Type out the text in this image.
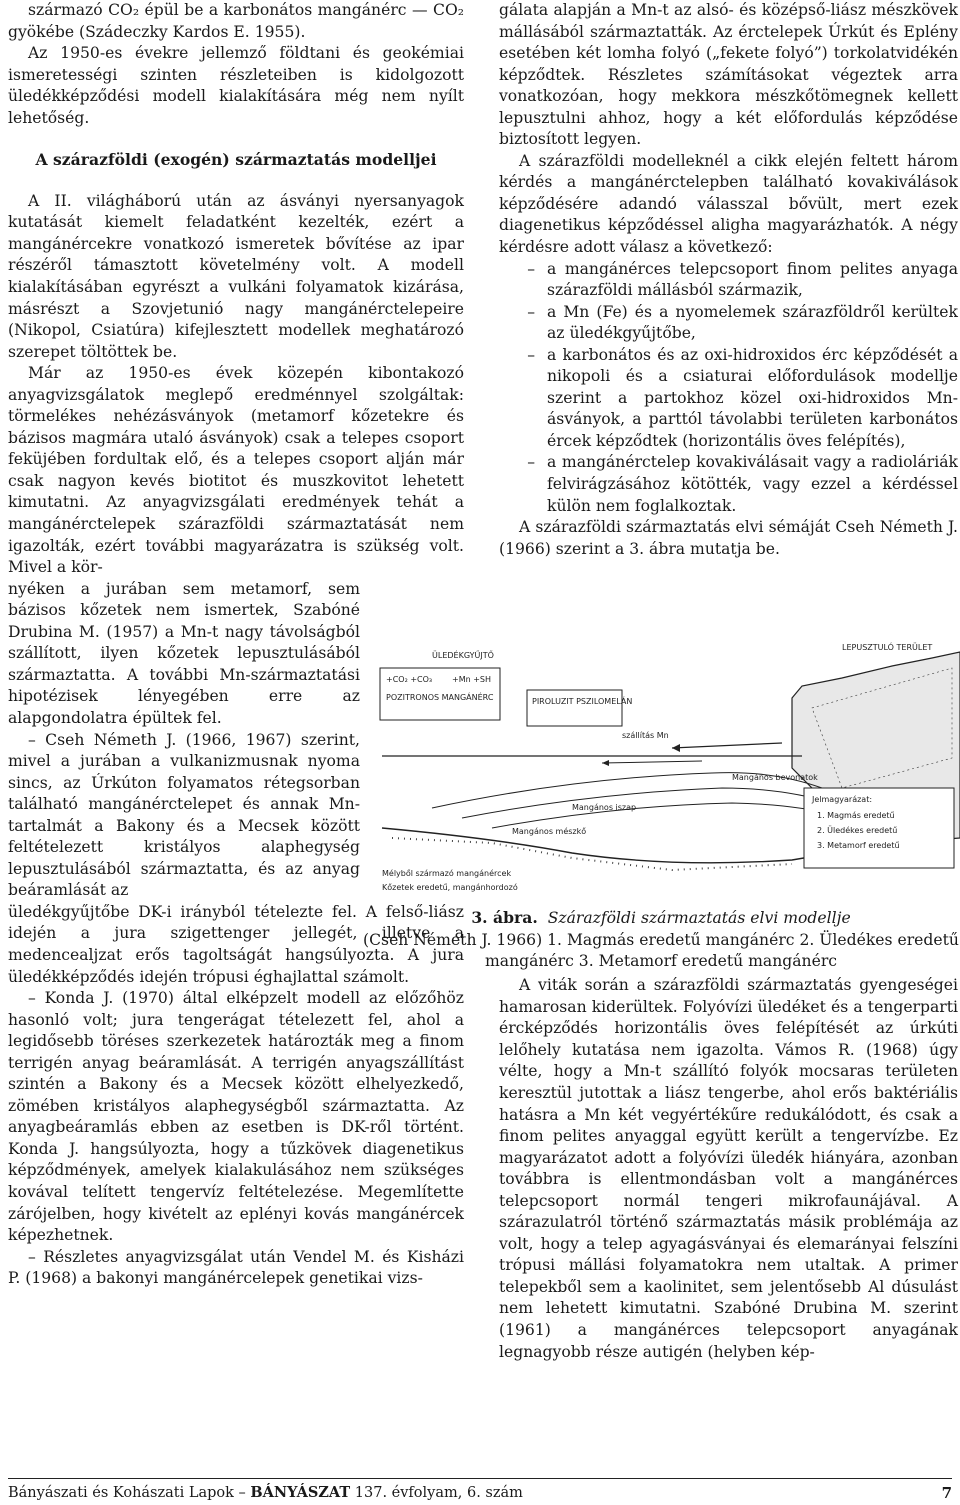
származó CO₂ épül be a karbonátos mangánérc — CO₂ gyökébe (Szádeczky Kardos E. 1955).

Az 1950-es évekre jellemző földtani és geokémiai ismeretességi szinten részleteiben is kidolgozott üledékképződési modell kialakítására még nem nyílt lehetőség.

A szárazföldi (exogén) származtatás modelljei

A II. világháború után az ásványi nyersanyagok kutatását kiemelt feladatként kezelték, ezért a mangánércekre vonatkozó ismeretek bővítése az ipar részéről támasztott követelmény volt. A modell kialakításában egyrészt a vulkáni folyamatok kizárása, másrészt a Szovjetunió nagy mangánérctelepeire (Nikopol, Csiatúra) kifejlesztett modellek meghatározó szerepet töltöttek be.

Már az 1950-es évek közepén kibontakozó anyagvizsgálatok meglepő eredménnyel szolgáltak: törmelékes nehézásványok (metamorf kőzetekre és bázisos magmára utaló ásványok) csak a telepes csoport feküjében fordultak elő, és a telepes csoport alján már csak nagyon kevés biotitot és muszkovitot lehetett kimutatni. Az anyagvizsgálati eredmények tehát a mangánérctelepek szárazföldi származtatását nem igazolták, ezért további magyarázatra is szükség volt. Mivel a kör-

nyéken a jurában sem metamorf, sem bázisos kőzetek nem ismertek, Szabóné Drubina M. (1957) a Mn-t nagy távolságból szállított, ilyen kőzetek lepusztulásából származtatta. A további Mn-származtatási hipotézisek lényegében erre az alapgondolatra épültek fel.

– Cseh Németh J. (1966, 1967) szerint, mivel a jurában a vulkanizmusnak nyoma sincs, az Úrkúton folyamatos rétegsorban található mangánérctelepet és annak Mn-tartalmát a Bakony és a Mecsek között feltételezett kristályos alaphegység lepusztulásából származtatta, és az anyag beáramlását az

üledékgyűjtőbe DK-i irányból tételezte fel. A felső-liász idején a jura szigettenger jellegét, illetve a medencealjzat erős tagoltságát hangsúlyozta. A jura üledékképződés idején trópusi éghajlattal számolt.

– Konda J. (1970) által elképzelt modell az előzőhöz hasonló volt; jura tengerágat tételezett fel, ahol a legidősebb töréses szerkezetek határozták meg a finom terrigén anyag beáramlását. A terrigén anyagszállítást szintén a Bakony és a Mecsek között elhelyezkedő, zömében kristályos alaphegységből származtatta. Az anyagbeáramlás ebben az esetben is DK-ről történt. Konda J. hangsúlyozta, hogy a tűzkövek diagenetikus képződmények, amelyek kialakulásához nem szükséges kovával telített tengervíz feltételezése. Megemlítette zárójelben, hogy kivételt az eplényi kovás mangánércek képezhetnek.

– Részletes anyagvizsgálat után Vendel M. és Kisházi P. (1968) a bakonyi mangánércelepek genetikai vizs-

gálata alapján a Mn-t az alsó- és középső-liász mészkövek mállásából származtatták. Az érctelepek Úrkút és Eplény esetében két lomha folyó („fekete folyó”) torkolatvidékén képződtek. Részletes számításokat végeztek arra vonatkozóan, hogy mekkora mészkőtömegnek kellett lepusztulni ahhoz, hogy a két előfordulás képződése biztosított legyen.

A szárazföldi modelleknél a cikk elején feltett három kérdés a mangánérctelepben található kovakiválások képződésére adandó válasszal bővült, mert ezek diagenetikus képződéssel aligha magyarázhatók. A négy kérdésre adott válasz a következő:

– a mangánérces telepcsoport finom pelites anyaga szárazföldi mállásból származik,
– a Mn (Fe) és a nyomelemek szárazföldről kerültek az üledékgyűjtőbe,
– a karbonátos és az oxi-hidroxidos érc képződését a nikopoli és a csiaturai előfordulások modellje szerint a partokhoz közel oxi-hidroxidos Mn-ásványok, a parttól távolabbi területen karbonátos ércek képződtek (horizontális öves felépítés),
– a mangánérctelep kovakiválásait vagy a radioláriák felvirágzásához kötötték, vagy ezzel a kérdéssel külön nem foglalkoztak.

A szárazföldi származtatás elvi sémáját Cseh Németh J. (1966) szerint a 3. ábra mutatja be.

A viták során a szárazföldi származtatás gyengeségei hamarosan kiderültek. Folyóvízi üledéket és a tengerparti ércképződés horizontális öves felépítését az úrkúti lelőhely kutatása nem igazolta. Vámos R. (1968) úgy vélte, hogy a Mn-t szállító folyók mocsaras területen keresztül jutottak a liász tengerbe, ahol erős baktériális hatásra a Mn két vegyértékűre redukálódott, és csak a finom pelites anyaggal együtt került a tengervízbe. Ez magyarázatot adott a folyóvízi üledék hiányára, azonban továbbra is ellentmondásban volt a mangánérces telepcsoport normál tengeri mikrofaunájával. A szárazulatról történő származtatás másik problémája az volt, hogy a telep agyagásványai és elemarányai felszíni trópusi mállási folyamatokra nem utaltak. A primer telepekből sem a kaolinitet, sem jelentősebb Al dúsulást nem lehetett kimutatni. Szabóné Drubina M. szerint (1961) a mangánérces telepcsoport anyagának legnagyobb része autigén (helyben kép-

LEPUSZTULÓ TERÜLET
ÜLEDÉKGYŰJTŐ
+CO₂ +CO₃ +Mn +SH
POZITRONOS MANGÁNÉRC	PIROLUZIT PSZILOMELÁN
szállítás Mn
Mangános iszap
Mangános mészkő
Mangános bevonatok
Jelmagyarázat:
1. Magmás eredetű
2. Üledékes eredetű
3. Metamorf eredetű
Mélyből származó mangánércek
Kőzetek eredetű, mangánhordozó
3. ábra. Szárazföldi származtatás elvi modellje
(Cseh Németh J. 1966) 1. Magmás eredetű mangánérc 2. Üledékes eredetű
mangánérc 3. Metamorf eredetű mangánérc
Bányászati és Kohászati Lapok – BÁNYÁSZAT 137. évfolyam, 6. szám	7
